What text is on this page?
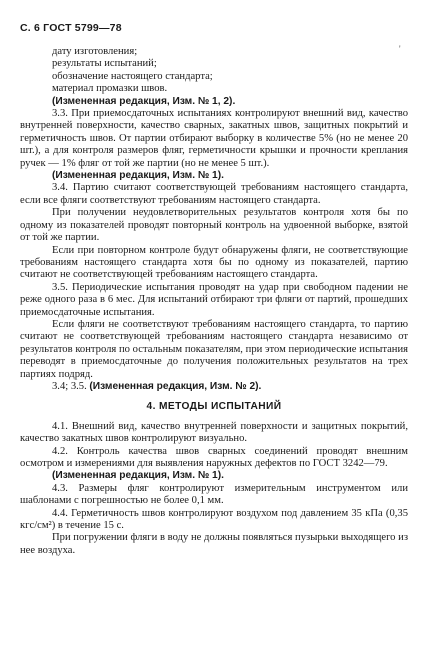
С. 6 ГОСТ 5799—78
'

дату изготовления;

результаты испытаний;

обозначение настоящего стандарта;

материал промазки швов.

(Измененная редакция, Изм. № 1, 2).

3.3. При приемосдаточных испытаниях контролируют внешний вид, качество внутренней поверхности, качество сварных, закатных швов, защитных покрытий и герметичность швов. От партии отбирают выборку в количестве 5% (но не менее 20 шт.), а для контроля размеров фляг, герметичности крышки и прочности креплания ручек — 1% фляг от той же партии (но не менее 5 шт.).

(Измененная редакция, Изм. № 1).

3.4. Партию считают соответствующей требованиям настоящего стандарта, если все фляги соответствуют требованиям настоящего стандарта.

При получении неудовлетворительных результатов контроля хотя бы по одному из показателей проводят повторный контроль на удвоенной выборке, взятой от той же партии.

Если при повторном контроле будут обнаружены фляги, не соответствующие требованиям настоящего стандарта хотя бы по одному из показателей, партию считают не соответствующей требованиям настоящего стандарта.

3.5. Периодические испытания проводят на удар при свободном падении не реже одного раза в 6 мес. Для испытаний отбирают три фляги от партий, прошедших приемосдаточные испытания.

Если фляги не соответствуют требованиям настоящего стандарта, то партию считают не соответствующей требованиям настоящего стандарта независимо от результатов контроля по остальным показателям, при этом периодические испытания переводят в приемосдаточные до получения положительных результатов на трех партиях подряд.

3.4; 3.5. (Измененная редакция, Изм. № 2).

4. МЕТОДЫ ИСПЫТАНИЙ

4.1. Внешний вид, качество внутренней поверхности и защитных покрытий, качество закатных швов контролируют визуально.

4.2. Контроль качества швов сварных соединений проводят внешним осмотром и измерениями для выявления наружных дефектов по ГОСТ 3242—79.

(Измененная редакция, Изм. № 1).

4.3. Размеры фляг контролируют измерительным инструментом или шаблонами с погрешностью не более 0,1 мм.

4.4. Герметичность швов контролируют воздухом под давлением 35 кПа (0,35 кгс/см²) в течение 15 с.

При погружении фляги в воду не должны появляться пузырьки выходящего из нее воздуха.
